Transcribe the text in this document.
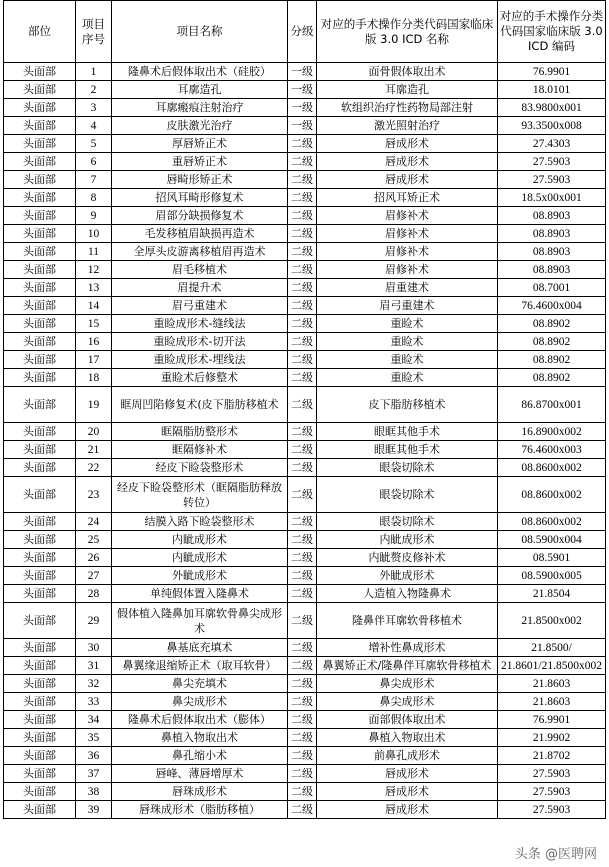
部位	项目序号	项目名称	分级	对应的手术操作分类代码国家临床版 3.0 ICD 名称	对应的手术操作分类代码国家临床版 3.0 ICD 编码
头面部	1	隆鼻术后假体取出术（硅胶）	一级	面骨假体取出术	76.9901
头面部	2	耳廓造孔	一级	耳廓造孔	18.0101
头面部	3	耳廓瘢痕注射治疗	一级	软组织治疗性药物局部注射	83.9800x001
头面部	4	皮肤激光治疗	一级	激光照射治疗	93.3500x008
头面部	5	厚唇矫正术	二级	唇成形术	27.4303
头面部	6	重唇矫正术	二级	唇成形术	27.5903
头面部	7	唇畸形矫正术	二级	唇成形术	27.5903
头面部	8	招风耳畸形修复术	二级	招风耳矫正术	18.5x00x001
头面部	9	眉部分缺损修复术	二级	眉修补术	08.8903
头面部	10	毛发移植眉缺损再造术	二级	眉修补术	08.8903
头面部	11	全厚头皮游离移植眉再造术	二级	眉修补术	08.8903
头面部	12	眉毛移植术	二级	眉修补术	08.8903
头面部	13	眉提升术	二级	眉重建术	08.7001
头面部	14	眉弓重建术	二级	眉弓重建术	76.4600x004
头面部	15	重睑成形术-缝线法	二级	重睑术	08.8902
头面部	16	重睑成形术-切开法	二级	重睑术	08.8902
头面部	17	重睑成形术-埋线法	二级	重睑术	08.8902
头面部	18	重睑术后修整术	二级	重睑术	08.8902
头面部	19	眶周凹陷修复术(皮下脂肪移植术	二级	皮下脂肪移植术	86.8700x001
头面部	20	眶隔脂肪整形术	二级	眼眶其他手术	16.8900x002
头面部	21	眶隔修补术	二级	眼眶其他手术	76.4600x003
头面部	22	经皮下睑袋整形术	二级	眼袋切除术	08.8600x002
头面部	23	经皮下睑袋整形术（眶隔脂肪释放转位）	二级	眼袋切除术	08.8600x002
头面部	24	结膜入路下睑袋整形术	二级	眼袋切除术	08.8600x002
头面部	25	内眦成形术	二级	内眦成形术	08.5900x004
头面部	26	内眦成形术	二级	内眦赘皮修补术	08.5901
头面部	27	外眦成形术	二级	外眦成形术	08.5900x005
头面部	28	单纯假体置入隆鼻术	二级	人造植入物隆鼻术	21.8504
头面部	29	假体植入隆鼻加耳廓软骨鼻尖成形术	二级	隆鼻伴耳廓软骨移植术	21.8500x002
头面部	30	鼻基底充填术	二级	增补性鼻成形术	21.8500/
头面部	31	鼻翼缘退缩矫正术（取耳软骨）	二级	鼻翼矫正术/隆鼻伴耳廓软骨移植术	21.8601/21.8500x002
头面部	32	鼻尖充填术	二级	鼻尖成形术	21.8603
头面部	33	鼻尖成形术	二级	鼻尖成形术	21.8603
头面部	34	隆鼻术后假体取出术（膨体）	二级	面部假体取出术	76.9901
头面部	35	鼻植入物取出术	二级	鼻植入物取出术	21.9902
头面部	36	鼻孔缩小术	二级	前鼻孔成形术	21.8702
头面部	37	唇峰、薄唇增厚术	二级	唇成形术	27.5903
头面部	38	唇珠成形术	二级	唇成形术	27.5903
头面部	39	唇珠成形术（脂肪移植）	二级	唇成形术	27.5903
头条 @医聘网
